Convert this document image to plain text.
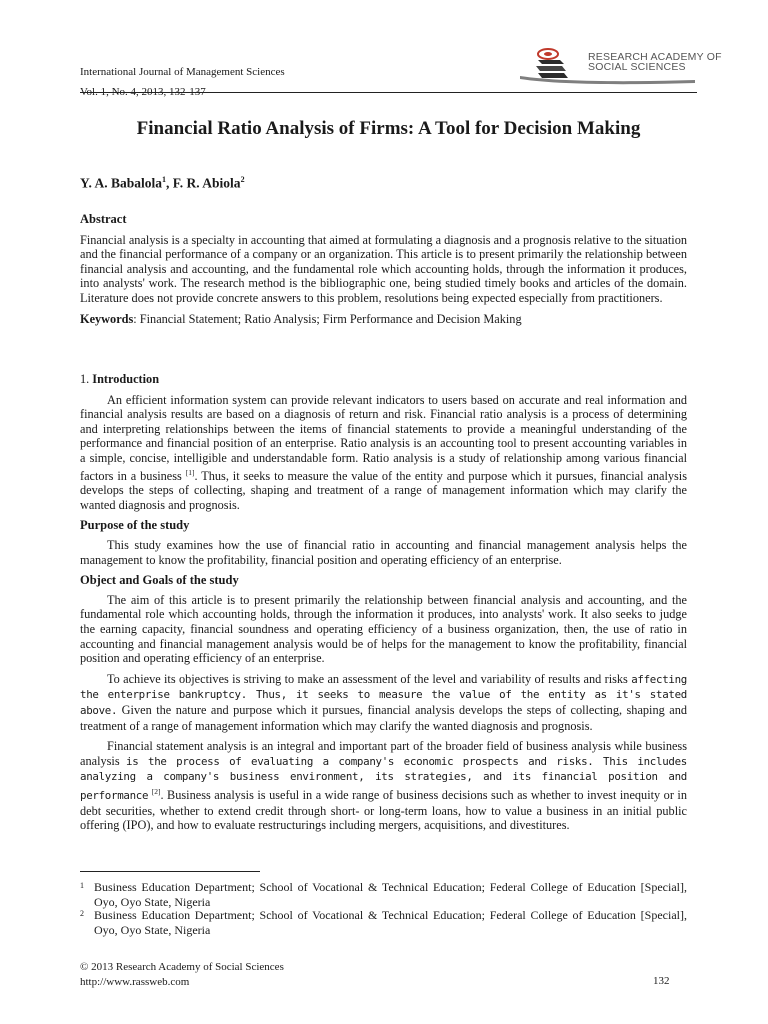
International Journal of Management Sciences
Vol. 1, No. 4, 2013, 132-137
RESEARCH ACADEMY OF
SOCIAL SCIENCES
Financial Ratio Analysis of Firms: A Tool for Decision Making
Y. A. Babalola$^1$, F. R. Abiola$^2$
Abstract
Financial analysis is a specialty in accounting that aimed at formulating a diagnosis and a prognosis relative to the situation and the financial performance of a company or an organization. This article is to present primarily the relationship between financial analysis and accounting, and the fundamental role which accounting holds, through the information it produces, into analysts' work. The research method is the bibliographic one, being studied timely books and articles of the domain. Literature does not provide concrete answers to this problem, resolutions being expected especially from practitioners.
Keywords: Financial Statement; Ratio Analysis; Firm Performance and Decision Making
1. Introduction
An efficient information system can provide relevant indicators to users based on accurate and real information and financial analysis results are based on a diagnosis of return and risk. Financial ratio analysis is a process of determining and interpreting relationships between the items of financial statements to provide a meaningful understanding of the performance and financial position of an enterprise. Ratio analysis is an accounting tool to present accounting variables in a simple, concise, intelligible and understandable form. Ratio analysis is a study of relationship among various financial factors in a business [1]. Thus, it seeks to measure the value of the entity and purpose which it pursues, financial analysis develops the steps of collecting, shaping and treatment of a range of management information which may clarify the wanted diagnosis and prognosis.
Purpose of the study
This study examines how the use of financial ratio in accounting and financial management analysis helps the management to know the profitability, financial position and operating efficiency of an enterprise.
Object and Goals of the study
The aim of this article is to present primarily the relationship between financial analysis and accounting, and the fundamental role which accounting holds, through the information it produces, into analysts' work. It also seeks to judge the earning capacity, financial soundness and operating efficiency of a business organization, then, the use of ratio in accounting and financial management analysis would be of helps for the management to know the profitability, financial position and operating efficiency of an enterprise.
To achieve its objectives is striving to make an assessment of the level and variability of results and risks affecting the enterprise bankruptcy. Thus, it seeks to measure the value of the entity as it's stated above. Given the nature and purpose which it pursues, financial analysis develops the steps of collecting, shaping and treatment of a range of management information which may clarify the wanted diagnosis and prognosis.
Financial statement analysis is an integral and important part of the broader field of business analysis while business analysis is the process of evaluating a company's economic prospects and risks. This includes analyzing a company's business environment, its strategies, and its financial position and performance [2]. Business analysis is useful in a wide range of business decisions such as whether to invest inequity or in debt securities, whether to extend credit through short- or long-term loans, how to value a business in an initial public offering (IPO), and how to evaluate restructurings including mergers, acquisitions, and divestitures.
1 Business Education Department; School of Vocational & Technical Education; Federal College of Education [Special], Oyo, Oyo State, Nigeria
2 Business Education Department; School of Vocational & Technical Education; Federal College of Education [Special], Oyo, Oyo State, Nigeria
© 2013 Research Academy of Social Sciences
http://www.rassweb.com	132
